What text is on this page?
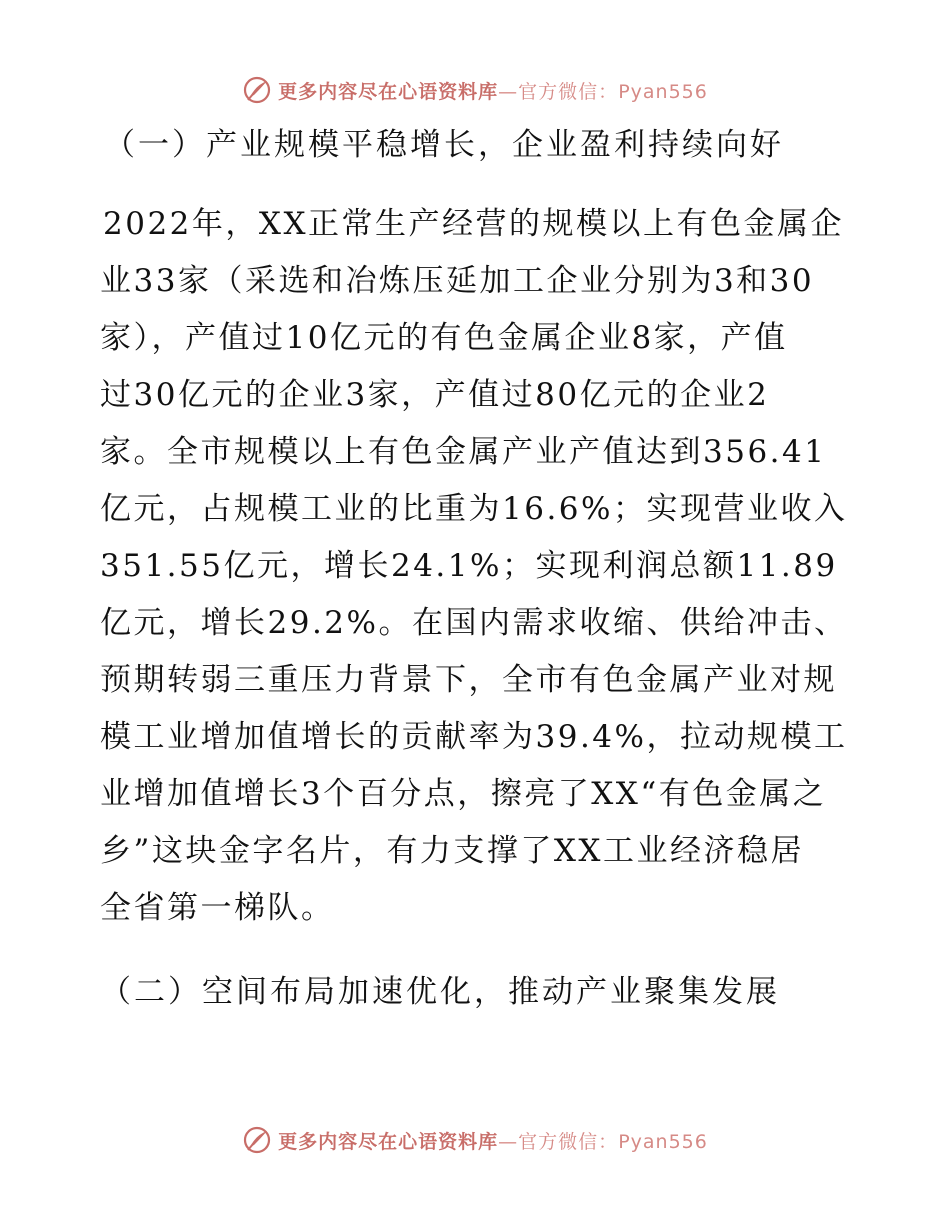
更多内容尽在心语资料库—官方微信：Pyan556
（一）产业规模平稳增长，企业盈利持续向好
2022年，XX正常生产经营的规模以上有色金属企
业33家（采选和冶炼压延加工企业分别为3和30
家），产值过10亿元的有色金属企业8家，产值
过30亿元的企业3家，产值过80亿元的企业2
家。全市规模以上有色金属产业产值达到356.41
亿元，占规模工业的比重为16.6%；实现营业收入
351.55亿元，增长24.1%；实现利润总额11.89
亿元，增长29.2%。在国内需求收缩、供给冲击、
预期转弱三重压力背景下，全市有色金属产业对规
模工业增加值增长的贡献率为39.4%，拉动规模工
业增加值增长3个百分点，擦亮了XX“有色金属之
乡”这块金字名片，有力支撑了XX工业经济稳居
全省第一梯队。
（二）空间布局加速优化，推动产业聚集发展
更多内容尽在心语资料库—官方微信：Pyan556
